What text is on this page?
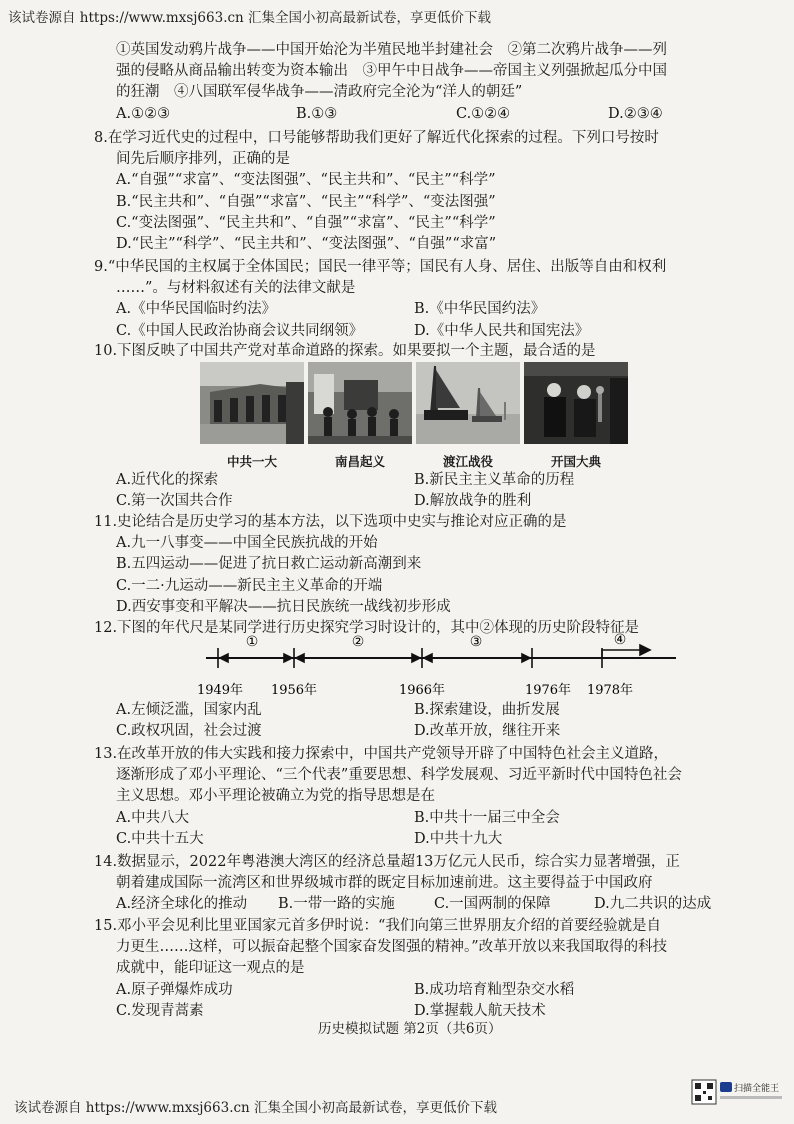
该试卷源自 https://www.mxsj663.cn 汇集全国小初高最新试卷，享更低价下载
①英国发动鸦片战争——中国开始沦为半殖民地半封建社会　②第二次鸦片战争——列
强的侵略从商品输出转变为资本输出　③甲午中日战争——帝国主义列强掀起瓜分中国
的狂潮　④八国联军侵华战争——清政府完全沦为“洋人的朝廷”
A.①②③	B.①③	C.①②④	D.②③④
8.在学习近代史的过程中，口号能够帮助我们更好了解近代化探索的过程。下列口号按时
间先后顺序排列，正确的是
A.“自强”“求富”、“变法图强”、“民主共和”、“民主”“科学”
B.“民主共和”、“自强”“求富”、“民主”“科学”、“变法图强”
C.“变法图强”、“民主共和”、“自强”“求富”、“民主”“科学”
D.“民主”“科学”、“民主共和”、“变法图强”、“自强”“求富”
9.“中华民国的主权属于全体国民；国民一律平等；国民有人身、居住、出版等自由和权利
……”。与材料叙述有关的法律文献是
A.《中华民国临时约法》	B.《中华民国约法》
C.《中国人民政治协商会议共同纲领》	D.《中华人民共和国宪法》
10.下图反映了中国共产党对革命道路的探索。如果要拟一个主题，最合适的是
中共一大	南昌起义	渡江战役	开国大典
A.近代化的探索	B.新民主主义革命的历程
C.第一次国共合作	D.解放战争的胜利
11.史论结合是历史学习的基本方法，以下选项中史实与推论对应正确的是
A.九一八事变——中国全民族抗战的开始
B.五四运动——促进了抗日救亡运动新高潮到来
C.一二·九运动——新民主主义革命的开端
D.西安事变和平解决——抗日民族统一战线初步形成
12.下图的年代尺是某同学进行历史探究学习时设计的，其中②体现的历史阶段特征是
①	②	③	④
1949年 1956年	1966年	1976年 1978年
A.左倾泛滥，国家内乱	B.探索建设，曲折发展
C.政权巩固，社会过渡	D.改革开放，继往开来
13.在改革开放的伟大实践和接力探索中，中国共产党领导开辟了中国特色社会主义道路，
逐渐形成了邓小平理论、“三个代表”重要思想、科学发展观、习近平新时代中国特色社会
主义思想。邓小平理论被确立为党的指导思想是在
A.中共八大	B.中共十一届三中全会
C.中共十五大	D.中共十九大
14.数据显示，2022年粤港澳大湾区的经济总量超13万亿元人民币，综合实力显著增强，正
朝着建成国际一流湾区和世界级城市群的既定目标加速前进。这主要得益于中国政府
A.经济全球化的推动 B.一带一路的实施	C.一国两制的保障	D.九二共识的达成
15.邓小平会见利比里亚国家元首多伊时说：“我们向第三世界朋友介绍的首要经验就是自
力更生……这样，可以振奋起整个国家奋发图强的精神。”改革开放以来我国取得的科技
成就中，能印证这一观点的是
A.原子弹爆炸成功	B.成功培育籼型杂交水稻
C.发现青蒿素	D.掌握载人航天技术
历史模拟试题 第2页（共6页）
该试卷源自 https://www.mxsj663.cn 汇集全国小初高最新试卷，享更低价下载
扫描全能王
